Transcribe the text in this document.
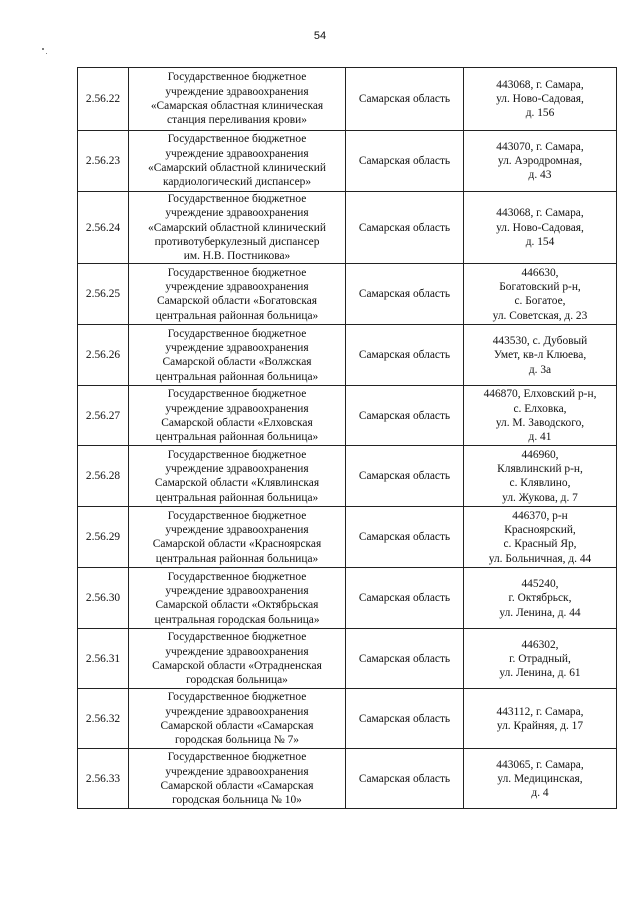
54
2.56.22	Государственное бюджетное
учреждение здравоохранения
«Самарская областная клиническая
станция переливания крови»	Самарская область	443068, г. Самара,
ул. Ново-Садовая,
д. 156

2.56.23	Государственное бюджетное
учреждение здравоохранения
«Самарский областной клинический
кардиологический диспансер»	Самарская область	443070, г. Самара,
ул. Аэродромная,
д. 43

2.56.24	Государственное бюджетное
учреждение здравоохранения
«Самарский областной клинический
противотуберкулезный диспансер
им. Н.В. Постникова»	Самарская область	443068, г. Самара,
ул. Ново-Садовая,
д. 154

2.56.25	Государственное бюджетное
учреждение здравоохранения
Самарской области «Богатовская
центральная районная больница»	Самарская область	446630,
Богатовский р-н,
с. Богатое,
ул. Советская, д. 23

2.56.26	Государственное бюджетное
учреждение здравоохранения
Самарской области «Волжская
центральная районная больница»	Самарская область	443530, с. Дубовый
Умет, кв-л Клюева,
д. 3а

2.56.27	Государственное бюджетное
учреждение здравоохранения
Самарской области «Елховская
центральная районная больница»	Самарская область	446870, Елховский р-н,
с. Елховка,
ул. М. Заводского,
д. 41

2.56.28	Государственное бюджетное
учреждение здравоохранения
Самарской области «Клявлинская
центральная районная больница»	Самарская область	446960,
Клявлинский р-н,
с. Клявлино,
ул. Жукова, д. 7

2.56.29	Государственное бюджетное
учреждение здравоохранения
Самарской области «Красноярская
центральная районная больница»	Самарская область	446370, р-н
Красноярский,
с. Красный Яр,
ул. Больничная, д. 44

2.56.30	Государственное бюджетное
учреждение здравоохранения
Самарской области «Октябрьская
центральная городская больница»	Самарская область	445240,
г. Октябрьск,
ул. Ленина, д. 44

2.56.31	Государственное бюджетное
учреждение здравоохранения
Самарской области «Отрадненская
городская больница»	Самарская область	446302,
г. Отрадный,
ул. Ленина, д. 61

2.56.32	Государственное бюджетное
учреждение здравоохранения
Самарской области «Самарская
городская больница № 7»	Самарская область	443112, г. Самара,
ул. Крайняя, д. 17

2.56.33	Государственное бюджетное
учреждение здравоохранения
Самарской области «Самарская
городская больница № 10»	Самарская область	443065, г. Самара,
ул. Медицинская,
д. 4
